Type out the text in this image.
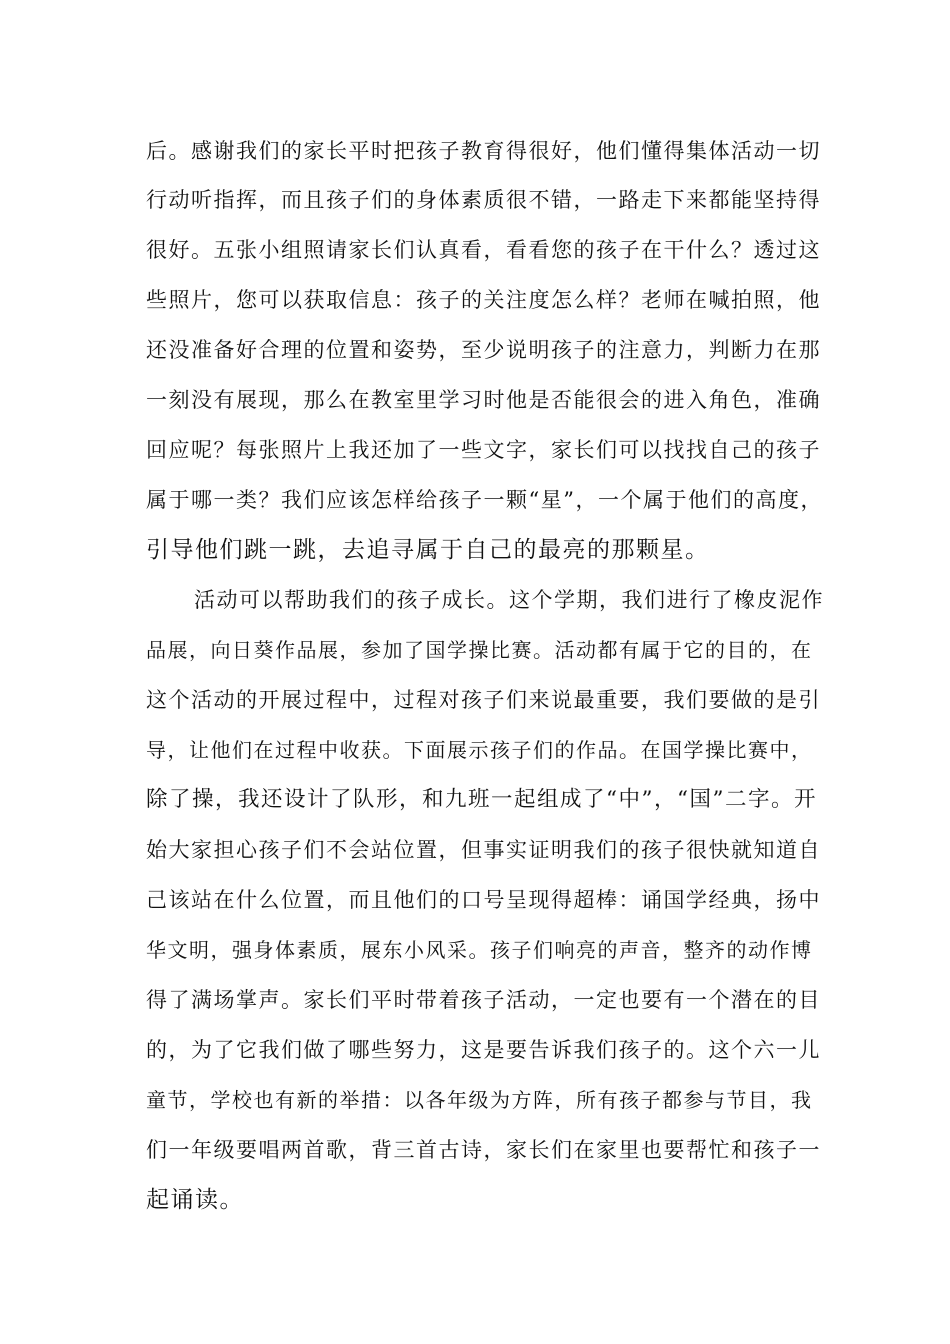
后。感谢我们的家长平时把孩子教育得很好，他们懂得集体活动一切
行动听指挥，而且孩子们的身体素质很不错，一路走下来都能坚持得
很好。五张小组照请家长们认真看，看看您的孩子在干什么？透过这
些照片，您可以获取信息：孩子的关注度怎么样？老师在喊拍照，他
还没准备好合理的位置和姿势，至少说明孩子的注意力，判断力在那
一刻没有展现，那么在教室里学习时他是否能很会的进入角色，准确
回应呢？每张照片上我还加了一些文字，家长们可以找找自己的孩子
属于哪一类？我们应该怎样给孩子一颗“星”，一个属于他们的高度，
引导他们跳一跳，去追寻属于自己的最亮的那颗星。
活动可以帮助我们的孩子成长。这个学期，我们进行了橡皮泥作
品展，向日葵作品展，参加了国学操比赛。活动都有属于它的目的，在
这个活动的开展过程中，过程对孩子们来说最重要，我们要做的是引
导，让他们在过程中收获。下面展示孩子们的作品。在国学操比赛中，
除了操，我还设计了队形，和九班一起组成了“中”，“国”二字。开
始大家担心孩子们不会站位置，但事实证明我们的孩子很快就知道自
己该站在什么位置，而且他们的口号呈现得超棒：诵国学经典，扬中
华文明，强身体素质，展东小风采。孩子们响亮的声音，整齐的动作博
得了满场掌声。家长们平时带着孩子活动，一定也要有一个潜在的目
的，为了它我们做了哪些努力，这是要告诉我们孩子的。这个六一儿
童节，学校也有新的举措：以各年级为方阵，所有孩子都参与节目，我
们一年级要唱两首歌，背三首古诗，家长们在家里也要帮忙和孩子一
起诵读。
